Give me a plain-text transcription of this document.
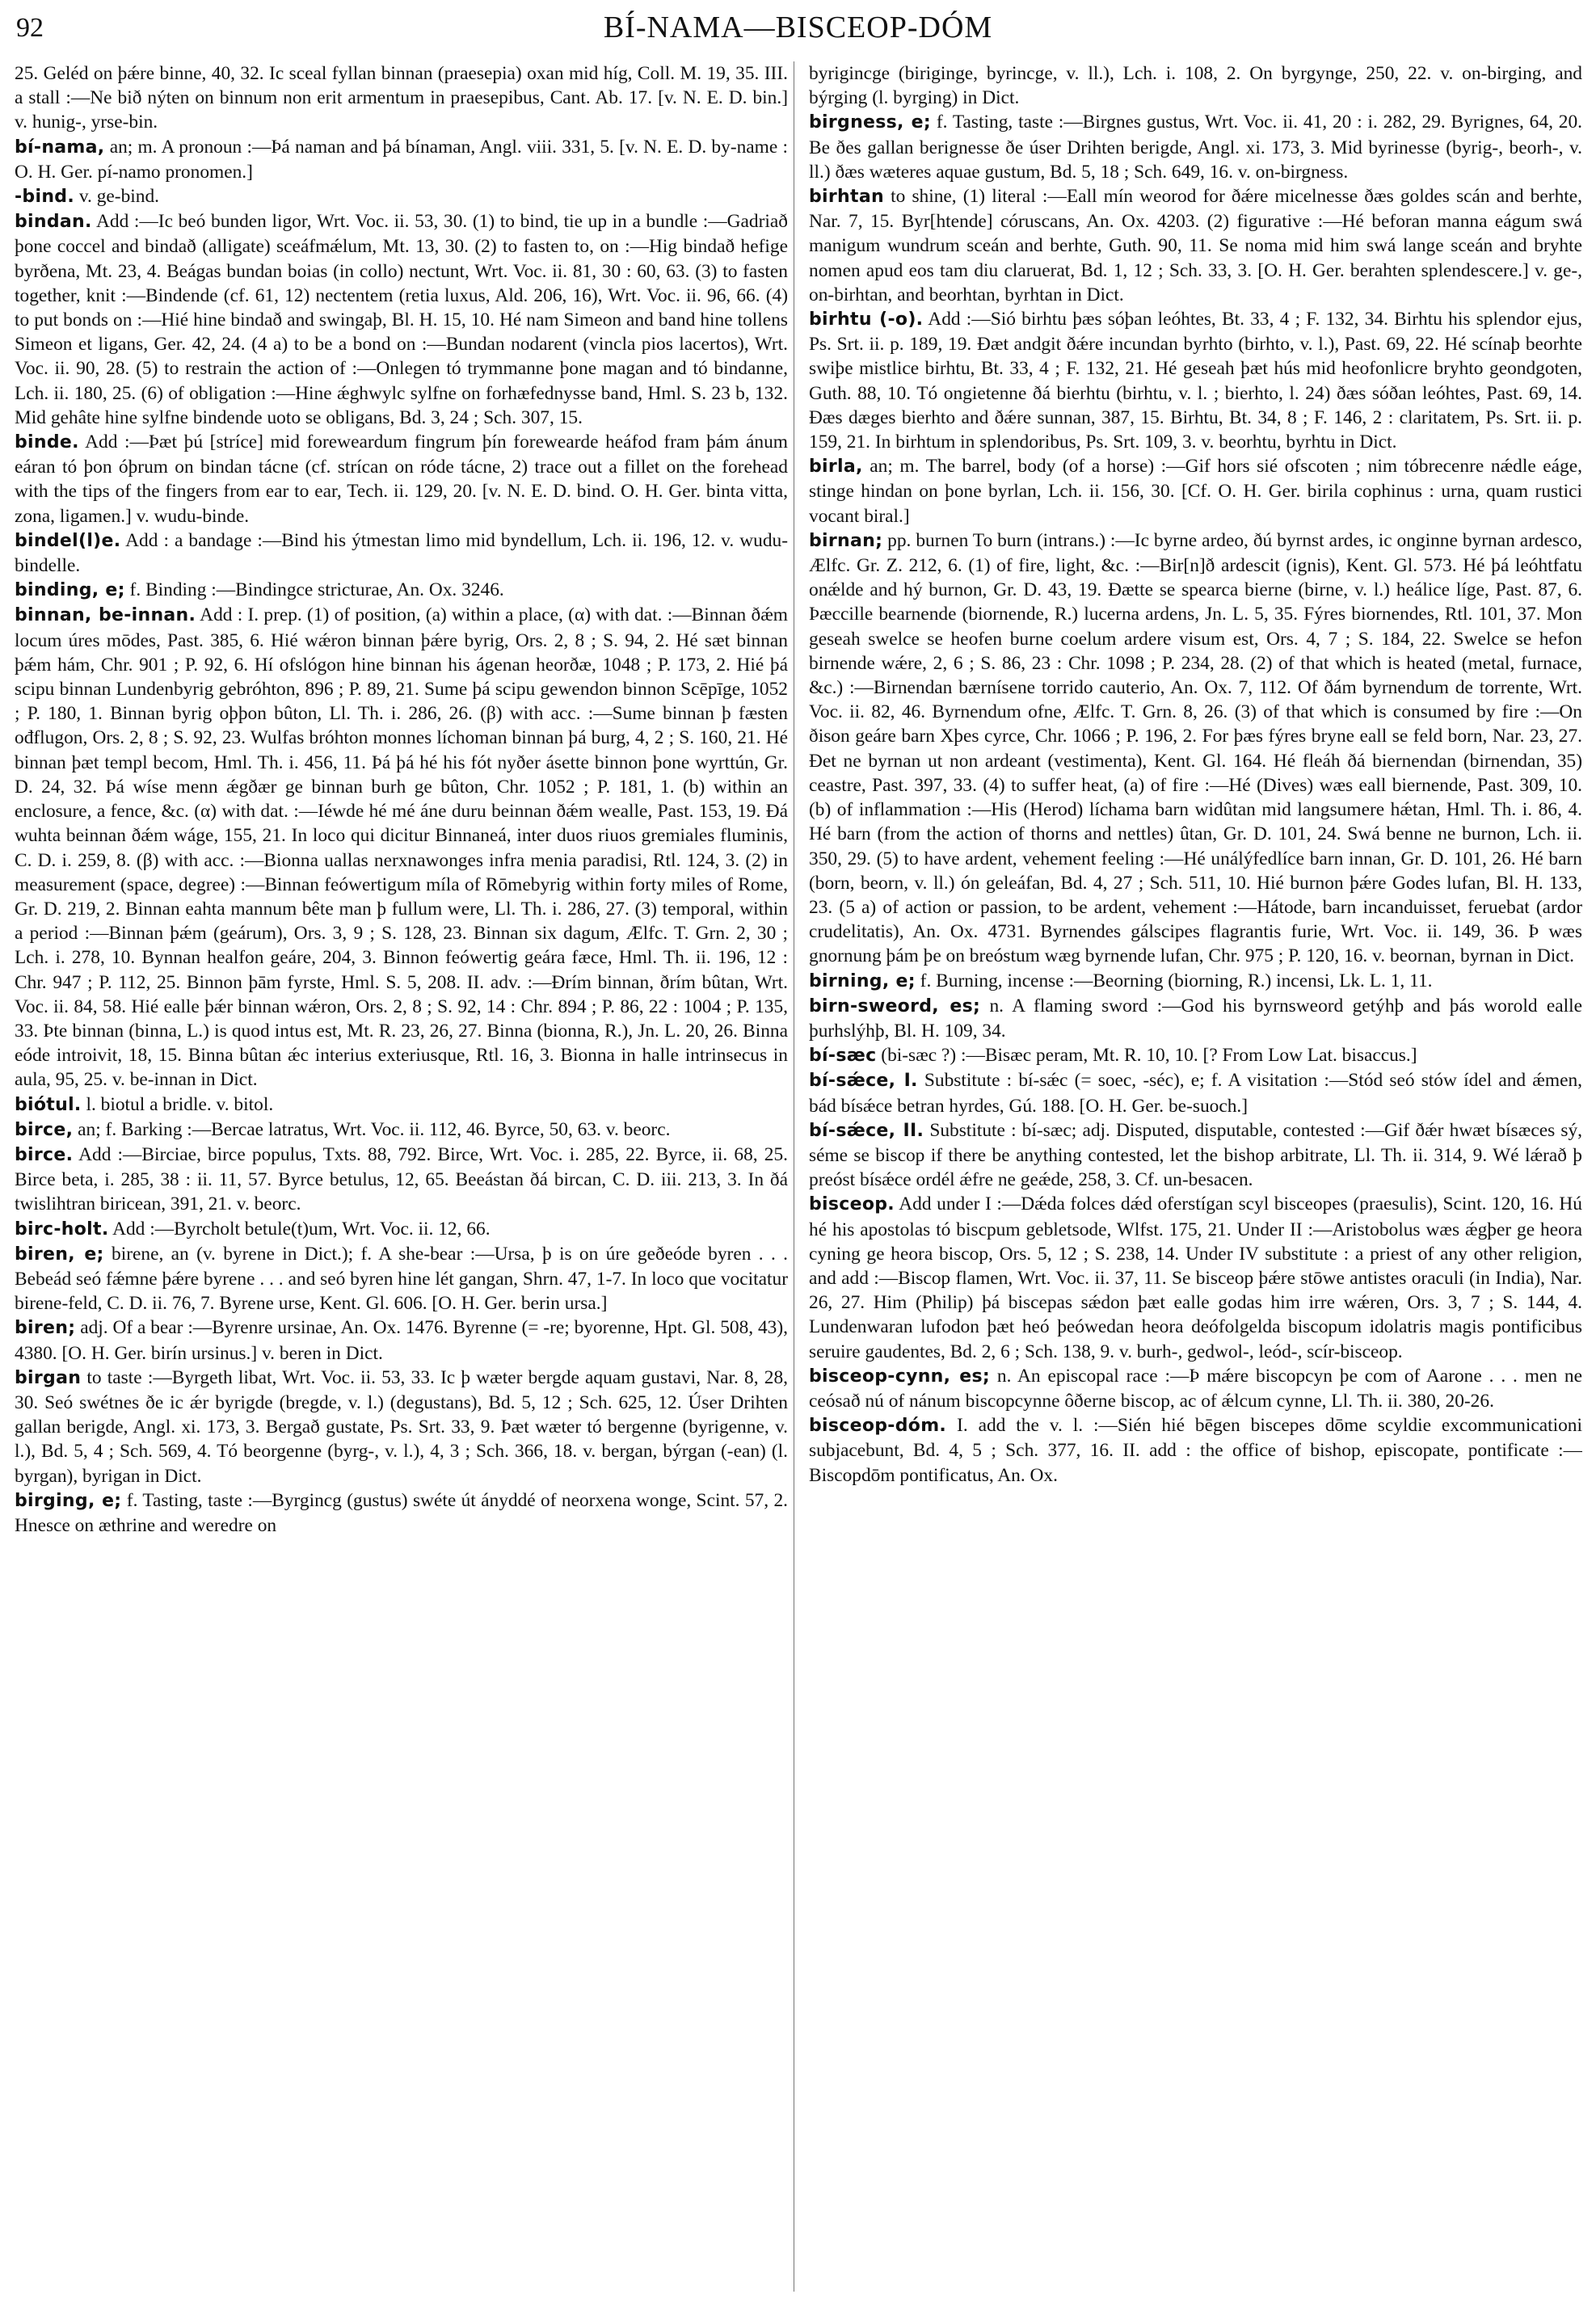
92	BÍ-NAMA—BISCEOP-DÓM

25. Geléd on þǽre binne, 40, 32. Ic sceal fyllan binnan (praesepia) oxan mid híg, Coll. M. 19, 35. III. a stall :—Ne bið nýten on binnum non erit armentum in praesepibus, Cant. Ab. 17. [v. N. E. D. bin.] v. hunig-, yrse-bin.

bí-nama, an; m. A pronoun :—Þá naman and þá bínaman, Angl. viii. 331, 5. [v. N. E. D. by-name : O. H. Ger. pí-namo pronomen.]

-bind. v. ge-bind.

bindan. Add :—Ic beó bunden ligor, Wrt. Voc. ii. 53, 30. (1) to bind, tie up in a bundle :—Gadriað þone coccel and bindað (alligate) sceáfmǽlum, Mt. 13, 30. (2) to fasten to, on :—Hig bindað hefige byrðena, Mt. 23, 4. Beágas bundan boias (in collo) nectunt, Wrt. Voc. ii. 81, 30 : 60, 63. (3) to fasten together, knit :—Bindende (cf. 61, 12) nectentem (retia luxus, Ald. 206, 16), Wrt. Voc. ii. 96, 66. (4) to put bonds on :—Hié hine bindað and swingaþ, Bl. H. 15, 10. Hé nam Simeon and band hine tollens Simeon et ligans, Ger. 42, 24. (4 a) to be a bond on :—Bundan nodarent (vincla pios lacertos), Wrt. Voc. ii. 90, 28. (5) to restrain the action of :—Onlegen tó trymmanne þone magan and tó bindanne, Lch. ii. 180, 25. (6) of obligation :—Hine ǽghwylc sylfne on forhæfednysse band, Hml. S. 23 b, 132. Mid gehâte hine sylfne bindende uoto se obligans, Bd. 3, 24 ; Sch. 307, 15.

binde. Add :—Þæt þú [stríce] mid foreweardum fingrum þín forewearde heáfod fram þám ánum eáran tó þon óþrum on bindan tácne (cf. strícan on róde tácne, 2) trace out a fillet on the forehead with the tips of the fingers from ear to ear, Tech. ii. 129, 20. [v. N. E. D. bind. O. H. Ger. binta vitta, zona, ligamen.] v. wudu-binde.

bindel(l)e. Add : a bandage :—Bind his ýtmestan limo mid byndellum, Lch. ii. 196, 12. v. wudu-bindelle.

binding, e; f. Binding :—Bindingce stricturae, An. Ox. 3246.

binnan, be-innan. Add : I. prep. (1) of position, (a) within a place, (α) with dat. :—Binnan ðǽm locum úres mōdes, Past. 385, 6. Hié wǽron binnan þǽre byrig, Ors. 2, 8 ; S. 94, 2. Hé sæt binnan þǽm hám, Chr. 901 ; P. 92, 6. Hí ofslógon hine binnan his ágenan heorðæ, 1048 ; P. 173, 2. Hié þá scipu binnan Lundenbyrig gebróhton, 896 ; P. 89, 21. Sume þá scipu gewendon binnon Scēpīge, 1052 ; P. 180, 1. Binnan byrig oþþon bûton, Ll. Th. i. 286, 26. (β) with acc. :—Sume binnan þ fæsten ođflugon, Ors. 2, 8 ; S. 92, 23. Wulfas bróhton monnes líchoman binnan þá burg, 4, 2 ; S. 160, 21. Hé binnan þæt templ becom, Hml. Th. i. 456, 11. Þá þá hé his fót nyðer ásette binnon þone wyrttún, Gr. D. 24, 32. Þá wíse menn ǽgðær ge binnan burh ge bûton, Chr. 1052 ; P. 181, 1. (b) within an enclosure, a fence, &c. (α) with dat. :—Iéwde hé mé áne duru beinnan ðǽm wealle, Past. 153, 19. Ðá wuhta beinnan ðǽm wáge, 155, 21. In loco qui dicitur Binnaneá, inter duos riuos gremiales fluminis, C. D. i. 259, 8. (β) with acc. :—Bionna uallas nerxnawonges infra menia paradisi, Rtl. 124, 3. (2) in measurement (space, degree) :—Binnan feówertigum míla of Rōmebyrig within forty miles of Rome, Gr. D. 219, 2. Binnan eahta mannum bête man þ fullum were, Ll. Th. i. 286, 27. (3) temporal, within a period :—Binnan þǽm (geárum), Ors. 3, 9 ; S. 128, 23. Binnan six dagum, Ælfc. T. Grn. 2, 30 ; Lch. i. 278, 10. Bynnan healfon geáre, 204, 3. Binnon feówertig geára fæce, Hml. Th. ii. 196, 12 : Chr. 947 ; P. 112, 25. Binnon þām fyrste, Hml. S. 5, 208. II. adv. :—Ðrím binnan, ðrím bûtan, Wrt. Voc. ii. 84, 58. Hié ealle þǽr binnan wǽron, Ors. 2, 8 ; S. 92, 14 : Chr. 894 ; P. 86, 22 : 1004 ; P. 135, 33. Þte binnan (binna, L.) is quod intus est, Mt. R. 23, 26, 27. Binna (bionna, R.), Jn. L. 20, 26. Binna eóde introivit, 18, 15. Binna bûtan ǽc interius exteriusque, Rtl. 16, 3. Bionna in halle intrinsecus in aula, 95, 25. v. be-innan in Dict.

biótul. l. biotul a bridle. v. bitol.

birce, an; f. Barking :—Bercae latratus, Wrt. Voc. ii. 112, 46. Byrce, 50, 63. v. beorc.

birce. Add :—Birciae, birce populus, Txts. 88, 792. Birce, Wrt. Voc. i. 285, 22. Byrce, ii. 68, 25. Birce beta, i. 285, 38 : ii. 11, 57. Byrce betulus, 12, 65. Beeástan ðá bircan, C. D. iii. 213, 3. In ðá twislihtran biricean, 391, 21. v. beorc.

birc-holt. Add :—Byrcholt betule(t)um, Wrt. Voc. ii. 12, 66.

biren, e; birene, an (v. byrene in Dict.); f. A she-bear :—Ursa, þ is on úre geðeóde byren . . . Bebeád seó fǽmne þǽre byrene . . . and seó byren hine lét gangan, Shrn. 47, 1-7. In loco que vocitatur birene-feld, C. D. ii. 76, 7. Byrene urse, Kent. Gl. 606. [O. H. Ger. berin ursa.]

biren; adj. Of a bear :—Byrenre ursinae, An. Ox. 1476. Byrenne (= -re; byorenne, Hpt. Gl. 508, 43), 4380. [O. H. Ger. birín ursinus.] v. beren in Dict.

birgan to taste :—Byrgeth libat, Wrt. Voc. ii. 53, 33. Ic þ wæter bergde aquam gustavi, Nar. 8, 28, 30. Seó swétnes ðe ic ǽr byrigde (bregde, v. l.) (degustans), Bd. 5, 12 ; Sch. 625, 12. Úser Drihten gallan berigde, Angl. xi. 173, 3. Bergað gustate, Ps. Srt. 33, 9. Þæt wæter tó bergenne (byrigenne, v. l.), Bd. 5, 4 ; Sch. 569, 4. Tó beorgenne (byrg-, v. l.), 4, 3 ; Sch. 366, 18. v. bergan, býrgan (-ean) (l. byrgan), byrigan in Dict.

birging, e; f. Tasting, taste :—Byrgincg (gustus) swéte út ányddé of neorxena wonge, Scint. 57, 2. Hnesce on æthrine and weredre on

byrigincge (biriginge, byrincge, v. ll.), Lch. i. 108, 2. On byrgynge, 250, 22. v. on-birging, and býrging (l. byrging) in Dict.

birgness, e; f. Tasting, taste :—Birgnes gustus, Wrt. Voc. ii. 41, 20 : i. 282, 29. Byrignes, 64, 20. Be ðes gallan berignesse ðe úser Drihten berigde, Angl. xi. 173, 3. Mid byrinesse (byrig-, beorh-, v. ll.) ðæs wæteres aquae gustum, Bd. 5, 18 ; Sch. 649, 16. v. on-birgness.

birhtan to shine, (1) literal :—Eall mín weorod for ðǽre micelnesse ðæs goldes scán and berhte, Nar. 7, 15. Byr[htende] córuscans, An. Ox. 4203. (2) figurative :—Hé beforan manna eágum swá manigum wundrum sceán and berhte, Guth. 90, 11. Se noma mid him swá lange sceán and bryhte nomen apud eos tam diu claruerat, Bd. 1, 12 ; Sch. 33, 3. [O. H. Ger. berahten splendescere.] v. ge-, on-birhtan, and beorhtan, byrhtan in Dict.

birhtu (-o). Add :—Sió birhtu þæs sóþan leóhtes, Bt. 33, 4 ; F. 132, 34. Birhtu his splendor ejus, Ps. Srt. ii. p. 189, 19. Ðæt andgit ðǽre incundan byrhto (birhto, v. l.), Past. 69, 22. Hé scínaþ beorhte swiþe mistlice birhtu, Bt. 33, 4 ; F. 132, 21. Hé geseah þæt hús mid heofonlicre bryhto geondgoten, Guth. 88, 10. Tó ongietenne ðá bierhtu (birhtu, v. l. ; bierhto, l. 24) ðæs sóðan leóhtes, Past. 69, 14. Ðæs dæges bierhto and ðǽre sunnan, 387, 15. Birhtu, Bt. 34, 8 ; F. 146, 2 : claritatem, Ps. Srt. ii. p. 159, 21. In birhtum in splendoribus, Ps. Srt. 109, 3. v. beorhtu, byrhtu in Dict.

birla, an; m. The barrel, body (of a horse) :—Gif hors sié ofscoten ; nim tóbrecenre nǽdle eáge, stinge hindan on þone byrlan, Lch. ii. 156, 30. [Cf. O. H. Ger. birila cophinus : urna, quam rustici vocant biral.]

birnan; pp. burnen To burn (intrans.) :—Ic byrne ardeo, ðú byrnst ardes, ic onginne byrnan ardesco, Ælfc. Gr. Z. 212, 6. (1) of fire, light, &c. :—Bir[n]ð ardescit (ignis), Kent. Gl. 573. Hé þá leóhtfatu onǽlde and hý burnon, Gr. D. 43, 19. Ðætte se spearca bierne (birne, v. l.) heálice líge, Past. 87, 6. Þæccille bearnende (biornende, R.) lucerna ardens, Jn. L. 5, 35. Fýres biornendes, Rtl. 101, 37. Mon geseah swelce se heofen burne coelum ardere visum est, Ors. 4, 7 ; S. 184, 22. Swelce se hefon birnende wǽre, 2, 6 ; S. 86, 23 : Chr. 1098 ; P. 234, 28. (2) of that which is heated (metal, furnace, &c.) :—Birnendan bærnísene torrido cauterio, An. Ox. 7, 112. Of ðám byrnendum de torrente, Wrt. Voc. ii. 82, 46. Byrnendum ofne, Ælfc. T. Grn. 8, 26. (3) of that which is consumed by fire :—On ðison geáre barn Xþes cyrce, Chr. 1066 ; P. 196, 2. For þæs fýres bryne eall se feld born, Nar. 23, 27. Ðet ne byrnan ut non ardeant (vestimenta), Kent. Gl. 164. Hé fleáh ðá biernendan (birnendan, 35) ceastre, Past. 397, 33. (4) to suffer heat, (a) of fire :—Hé (Dives) wæs eall biernende, Past. 309, 10. (b) of inflammation :—His (Herod) líchama barn widûtan mid langsumere hǽtan, Hml. Th. i. 86, 4. Hé barn (from the action of thorns and nettles) ûtan, Gr. D. 101, 24. Swá benne ne burnon, Lch. ii. 350, 29. (5) to have ardent, vehement feeling :—Hé unálýfedlíce barn innan, Gr. D. 101, 26. Hé barn (born, beorn, v. ll.) ón geleáfan, Bd. 4, 27 ; Sch. 511, 10. Hié burnon þǽre Godes lufan, Bl. H. 133, 23. (5 a) of action or passion, to be ardent, vehement :—Hátode, barn incanduisset, feruebat (ardor crudelitatis), An. Ox. 4731. Byrnendes gálscipes flagrantis furie, Wrt. Voc. ii. 149, 36. Þ wæs gnornung þám þe on breóstum wæg byrnende lufan, Chr. 975 ; P. 120, 16. v. beornan, byrnan in Dict.

birning, e; f. Burning, incense :—Beorning (biorning, R.) incensi, Lk. L. 1, 11.

birn-sweord, es; n. A flaming sword :—God his byrnsweord getýhþ and þás worold ealle þurhslýhþ, Bl. H. 109, 34.

bí-sæc (bi-sæc ?) :—Bisæc peram, Mt. R. 10, 10. [? From Low Lat. bisaccus.]

bí-sǽce, I. Substitute : bí-sǽc (= soec, -séc), e; f. A visitation :—Stód seó stów ídel and ǽmen, bád bísǽce betran hyrdes, Gú. 188. [O. H. Ger. be-suoch.]

bí-sǽce, II. Substitute : bí-sæc; adj. Disputed, disputable, contested :—Gif ðǽr hwæt bísæces sý, séme se biscop if there be anything contested, let the bishop arbitrate, Ll. Th. ii. 314, 9. Wé lǽrað þ preóst bísǽce ordél ǽfre ne geǽde, 258, 3. Cf. un-besacen.

bisceop. Add under I :—Dǽda folces dǽd oferstígan scyl bisceopes (praesulis), Scint. 120, 16. Hú hé his apostolas tó biscpum gebletsode, Wlfst. 175, 21. Under II :—Aristobolus wæs ǽgþer ge heora cyning ge heora biscop, Ors. 5, 12 ; S. 238, 14. Under IV substitute : a priest of any other religion, and add :—Biscop flamen, Wrt. Voc. ii. 37, 11. Se bisceop þǽre stōwe antistes oraculi (in India), Nar. 26, 27. Him (Philip) þá biscepas sǽdon þæt ealle godas him irre wǽren, Ors. 3, 7 ; S. 144, 4. Lundenwaran lufodon þæt heó þeówedan heora deófolgelda biscopum idolatris magis pontificibus seruire gaudentes, Bd. 2, 6 ; Sch. 138, 9. v. burh-, gedwol-, leód-, scír-bisceop.

bisceop-cynn, es; n. An episcopal race :—Þ mǽre biscopcyn þe com of Aarone . . . men ne ceósað nú of nánum biscopcynne ôðerne biscop, ac of ǽlcum cynne, Ll. Th. ii. 380, 20-26.

bisceop-dóm. I. add the v. l. :—Sién hié bēgen biscepes dōme scyldie excommunicationi subjacebunt, Bd. 4, 5 ; Sch. 377, 16. II. add : the office of bishop, episcopate, pontificate :—Biscopdōm pontificatus, An. Ox.
